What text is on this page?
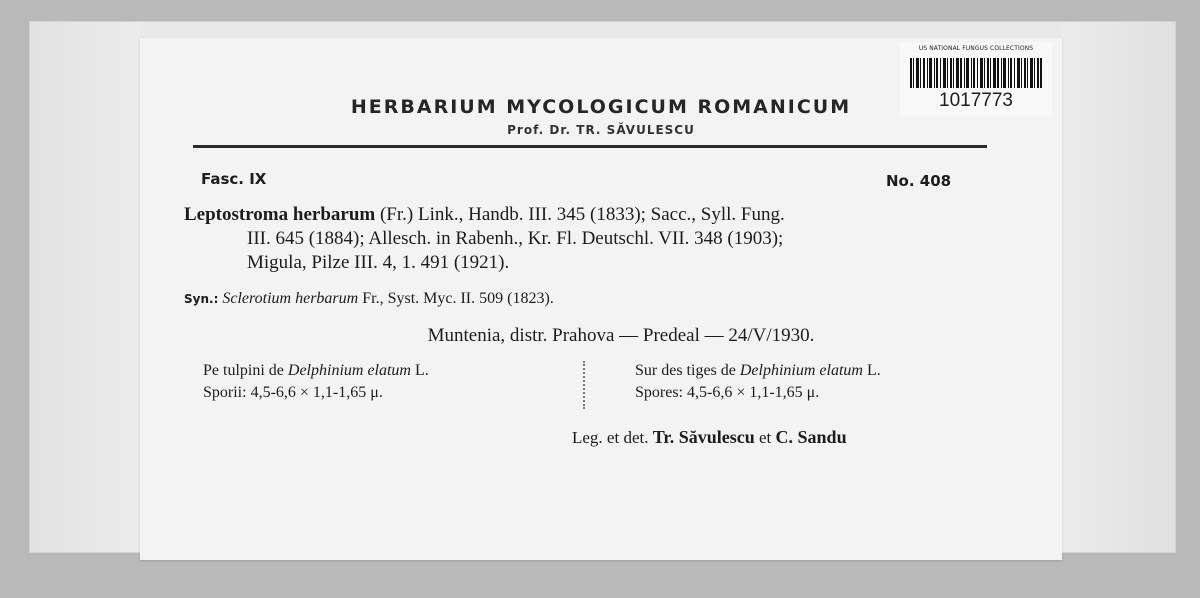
HERBARIUM MYCOLOGICUM ROMANICUM
Prof. Dr. TR. SĂVULESCU
Fasc. IX	No. 408
Leptostroma herbarum (Fr.) Link., Handb. III. 345 (1833); Sacc., Syll. Fung.
III. 645 (1884); Allesch. in Rabenh., Kr. Fl. Deutschl. VII. 348 (1903);
Migula, Pilze III. 4, 1. 491 (1921).
Syn.: Sclerotium herbarum Fr., Syst. Myc. II. 509 (1823).
Muntenia, distr. Prahova — Predeal — 24/V/1930.
Pe tulpini de Delphinium elatum L.
Sporii: 4,5-6,6 × 1,1-1,65 μ.
Sur des tiges de Delphinium elatum L.
Spores: 4,5-6,6 × 1,1-1,65 μ.
Leg. et det. Tr. Săvulescu et C. Sandu
US NATIONAL FUNGUS COLLECTIONS
1017773
